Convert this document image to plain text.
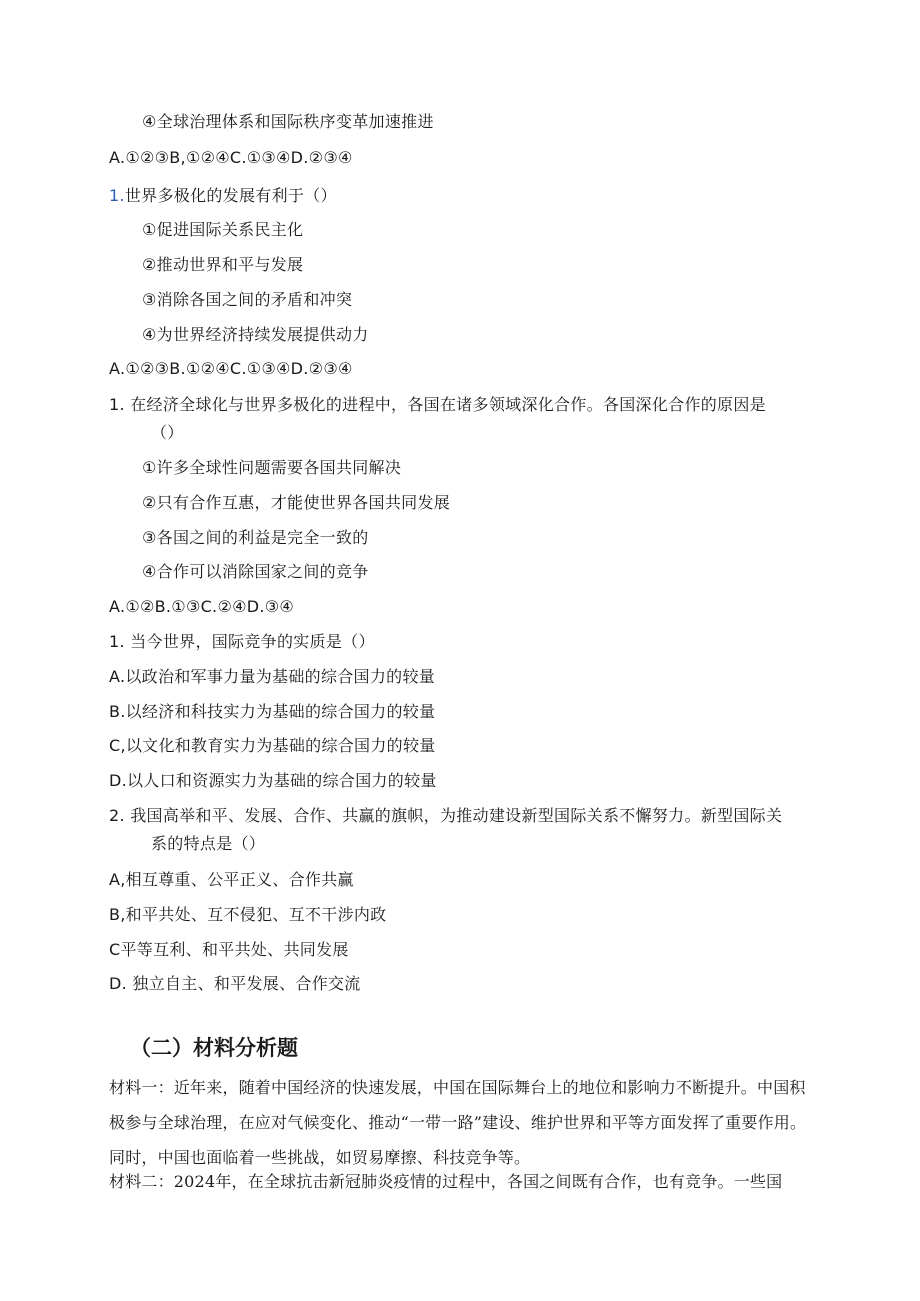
④全球治理体系和国际秩序变革加速推进
A.①②③B,①②④C.①③④D.②③④
1.世界多极化的发展有利于（）
①促进国际关系民主化
②推动世界和平与发展
③消除各国之间的矛盾和冲突
④为世界经济持续发展提供动力
A.①②③B.①②④C.①③④D.②③④
1. 在经济全球化与世界多极化的进程中，各国在诸多领域深化合作。各国深化合作的原因是
（）
①许多全球性问题需要各国共同解决
②只有合作互惠，才能使世界各国共同发展
③各国之间的利益是完全一致的
④合作可以消除国家之间的竞争
A.①②B.①③C.②④D.③④
1. 当今世界，国际竞争的实质是（）
A.以政治和军事力量为基础的综合国力的较量
B.以经济和科技实力为基础的综合国力的较量
C,以文化和教育实力为基础的综合国力的较量
D.以人口和资源实力为基础的综合国力的较量
2. 我国高举和平、发展、合作、共赢的旗帜，为推动建设新型国际关系不懈努力。新型国际关
系的特点是（）
A,相互尊重、公平正义、合作共赢
B,和平共处、互不侵犯、互不干涉内政
C平等互利、和平共处、共同发展
D. 独立自主、和平发展、合作交流
（二）材料分析题
材料一：近年来，随着中国经济的快速发展，中国在国际舞台上的地位和影响力不断提升。中国积极参与全球治理，在应对气候变化、推动“一带一路”建设、维护世界和平等方面发挥了重要作用。同时，中国也面临着一些挑战，如贸易摩擦、科技竞争等。
材料二：2024年，在全球抗击新冠肺炎疫情的过程中，各国之间既有合作，也有竞争。一些国
